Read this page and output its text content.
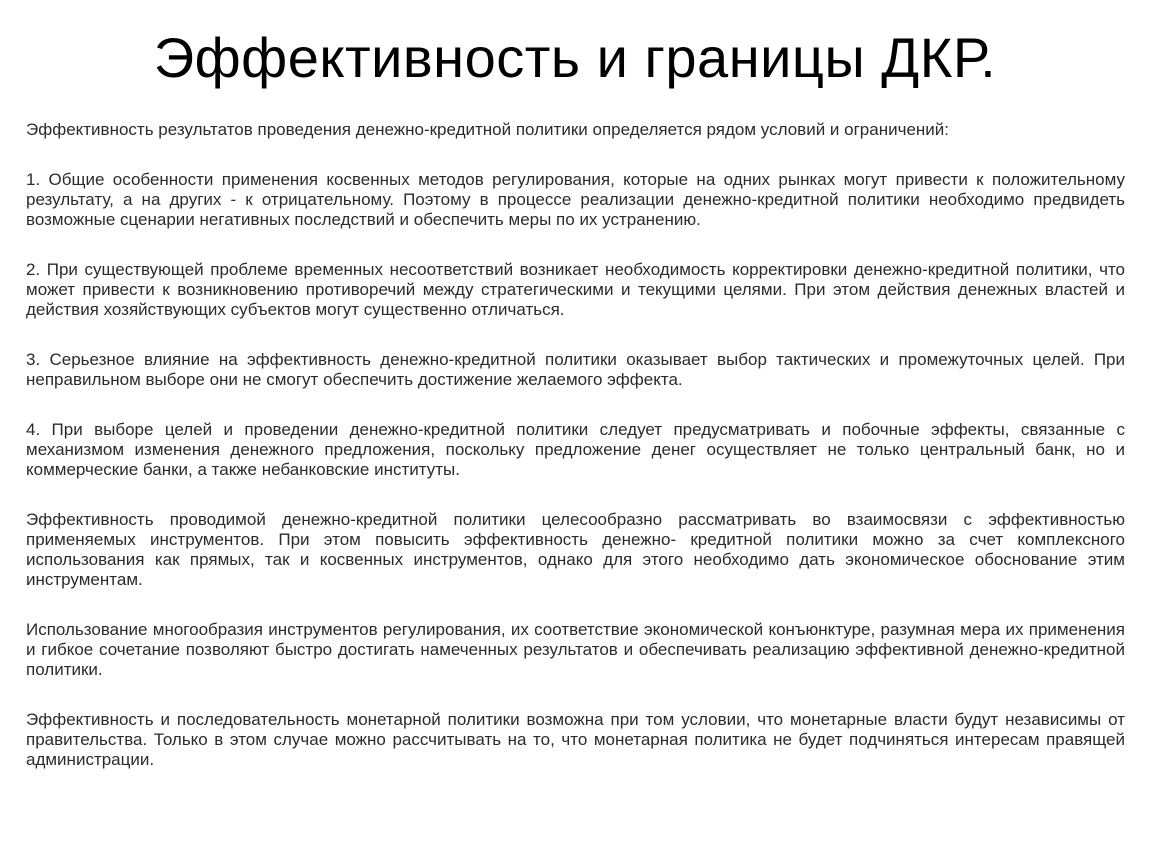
Эффективность и границы ДКР.

Эффективность результатов проведения денежно-кредитной политики определяется рядом условий и ограничений:

1. Общие особенности применения косвенных методов регулирования, которые на одних рынках могут привести к положительному результату, а на других - к отрицательному. Поэтому в процессе реализации денежно-кредитной политики необходимо предвидеть возможные сценарии негативных последствий и обеспечить меры по их устранению.

2. При существующей проблеме временных несоответствий возникает необходимость корректировки денежно-кредитной политики, что может привести к возникновению противоречий между стратегическими и текущими целями. При этом действия денежных властей и действия хозяйствующих субъектов могут существенно отличаться.

3. Серьезное влияние на эффективность денежно-кредитной политики оказывает выбор тактических и промежуточных целей. При неправильном выборе они не смогут обеспечить достижение желаемого эффекта.

4. При выборе целей и проведении денежно-кредитной политики следует предусматривать и побочные эффекты, связанные с механизмом изменения денежного предложения, поскольку предложение денег осуществляет не только центральный банк, но и коммерческие банки, а также небанковские институты.

Эффективность проводимой денежно-кредитной политики целесообразно рассматривать во взаимосвязи с эффективностью применяемых инструментов. При этом повысить эффективность денежно- кредитной политики можно за счет комплексного использования как прямых, так и косвенных инструментов, однако для этого необходимо дать экономическое обоснование этим инструментам.

Использование многообразия инструментов регулирования, их соответствие экономической конъюнктуре, разумная мера их применения и гибкое сочетание позволяют быстро достигать намеченных результатов и обеспечивать реализацию эффективной денежно-кредитной политики.

Эффективность и последовательность монетарной политики возможна при том условии, что монетарные власти будут независимы от правительства. Только в этом случае можно рассчитывать на то, что монетарная политика не будет подчиняться интересам правящей администрации.
